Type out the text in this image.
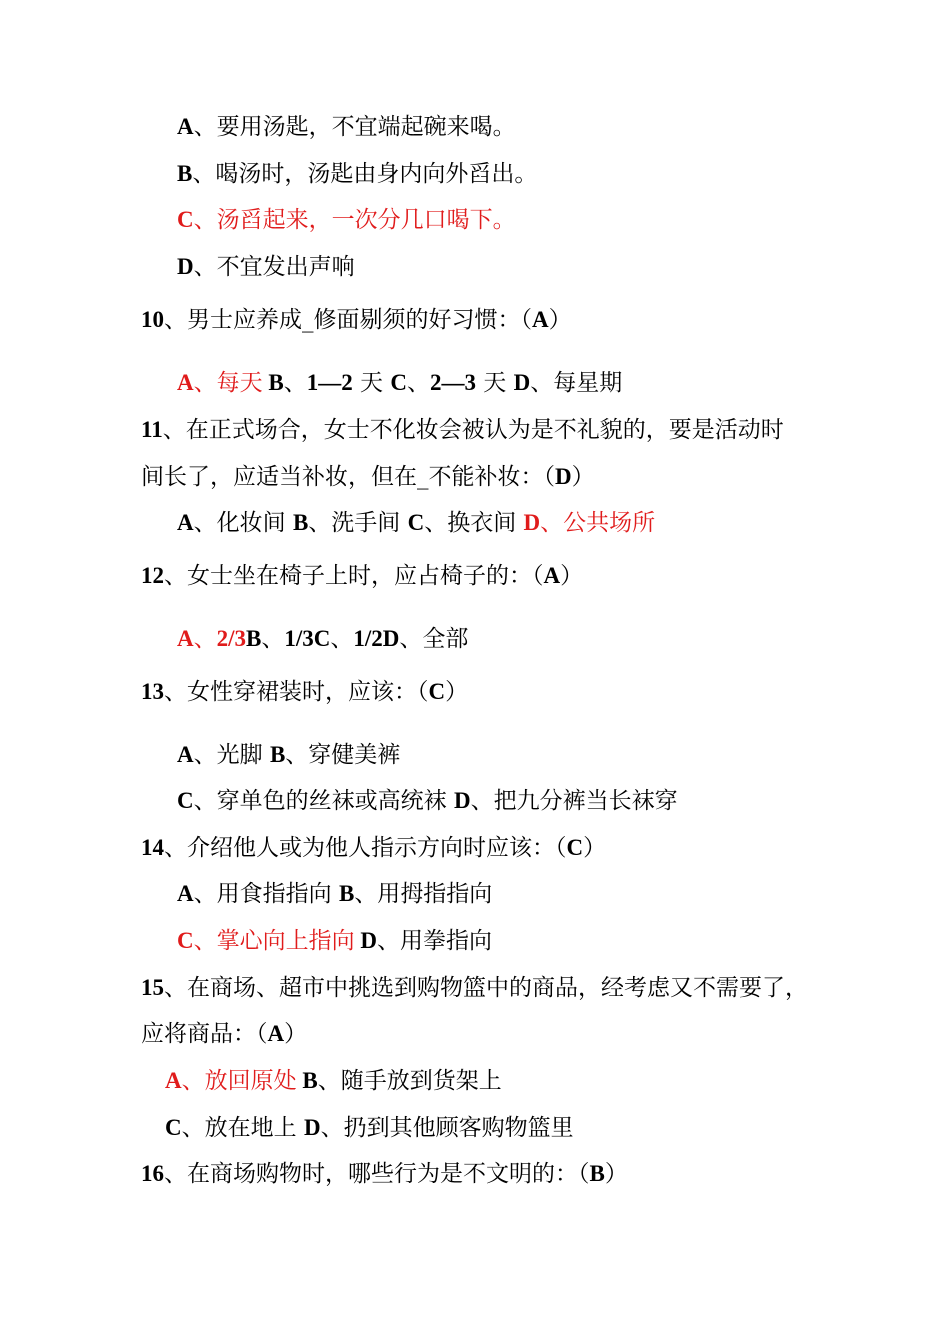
A、要用汤匙，不宜端起碗来喝。
B、喝汤时，汤匙由身内向外舀出。
C、汤舀起来，一次分几口喝下。
D、不宜发出声响
10、男士应养成_修面剔须的好习惯：（A）
A、每天 B、1—2 天 C、2—3 天 D、每星期
11、在正式场合，女士不化妆会被认为是不礼貌的，要是活动时
间长了，应适当补妆，但在_不能补妆：（D）
A、化妆间 B、洗手间 C、换衣间 D、公共场所
12、女士坐在椅子上时，应占椅子的：（A）
A、2/3B、1/3C、1/2D、全部
13、女性穿裙装时，应该：（C）
A、光脚 B、穿健美裤
C、穿单色的丝袜或高统袜 D、把九分裤当长袜穿
14、介绍他人或为他人指示方向时应该：（C）
A、用食指指向 B、用拇指指向
C、掌心向上指向 D、用拳指向
15、在商场、超市中挑选到购物篮中的商品，经考虑又不需要了，
应将商品：（A）
A、放回原处 B、随手放到货架上
C、放在地上 D、扔到其他顾客购物篮里
16、在商场购物时，哪些行为是不文明的：（B）
